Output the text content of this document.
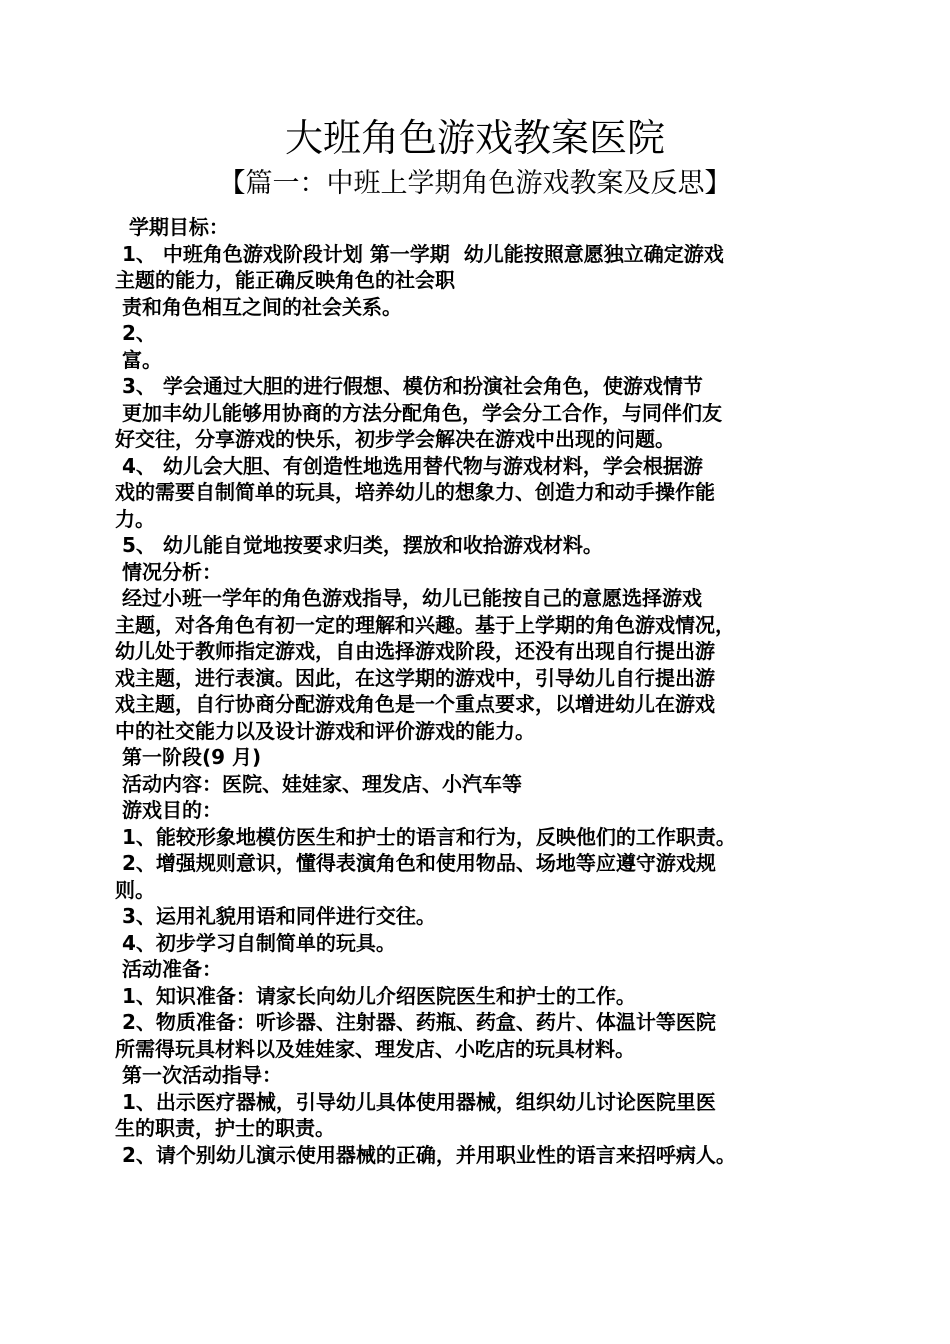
大班角色游戏教案医院
【篇一：中班上学期角色游戏教案及反思】
学期目标：
1、 中班角色游戏阶段计划 第一学期  幼儿能按照意愿独立确定游戏
主题的能力，能正确反映角色的社会职
责和角色相互之间的社会关系。
2、
富。
3、 学会通过大胆的进行假想、模仿和扮演社会角色，使游戏情节
更加丰幼儿能够用协商的方法分配角色，学会分工合作，与同伴们友
好交往，分享游戏的快乐，初步学会解决在游戏中出现的问题。
4、 幼儿会大胆、有创造性地选用替代物与游戏材料，学会根据游
戏的需要自制简单的玩具，培养幼儿的想象力、创造力和动手操作能
力。
5、 幼儿能自觉地按要求归类，摆放和收拾游戏材料。
情况分析：
经过小班一学年的角色游戏指导，幼儿已能按自己的意愿选择游戏
主题，对各角色有初一定的理解和兴趣。基于上学期的角色游戏情况，
幼儿处于教师指定游戏，自由选择游戏阶段，还没有出现自行提出游
戏主题，进行表演。因此，在这学期的游戏中，引导幼儿自行提出游
戏主题，自行协商分配游戏角色是一个重点要求，以增进幼儿在游戏
中的社交能力以及设计游戏和评价游戏的能力。
第一阶段(9 月)
活动内容：医院、娃娃家、理发店、小汽车等
游戏目的：
1、能较形象地模仿医生和护士的语言和行为，反映他们的工作职责。
2、增强规则意识，懂得表演角色和使用物品、场地等应遵守游戏规
则。
3、运用礼貌用语和同伴进行交往。
4、初步学习自制简单的玩具。
活动准备：
1、知识准备：请家长向幼儿介绍医院医生和护士的工作。
2、物质准备：听诊器、注射器、药瓶、药盒、药片、体温计等医院
所需得玩具材料以及娃娃家、理发店、小吃店的玩具材料。
第一次活动指导：
1、出示医疗器械，引导幼儿具体使用器械，组织幼儿讨论医院里医
生的职责，护士的职责。
2、请个别幼儿演示使用器械的正确，并用职业性的语言来招呼病人。
